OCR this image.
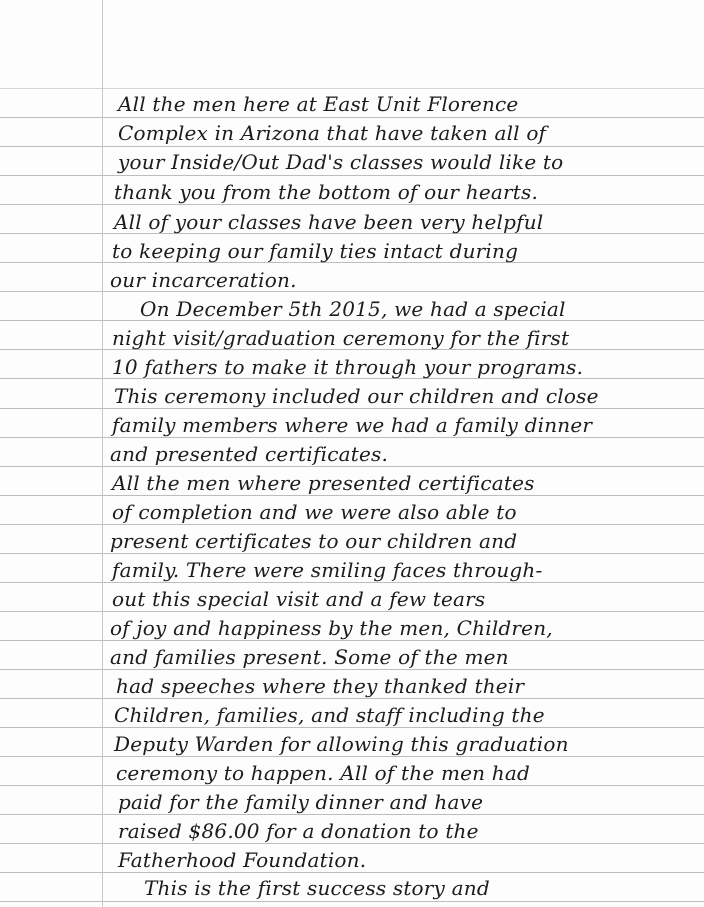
All the men here at East Unit Florence
Complex in Arizona that have taken all of
your Inside/Out Dad's classes would like to
thank you from the bottom of our hearts.
All of your classes have been very helpful
to keeping our family ties intact during
our incarceration.
On December 5th 2015, we had a special
night visit/graduation ceremony for the first
10 fathers to make it through your programs.
This ceremony included our children and close
family members where we had a family dinner
and presented certificates.
All the men where presented certificates
of completion and we were also able to
present certificates to our children and
family. There were smiling faces through-
out this special visit and a few tears
of joy and happiness by the men, Children,
and families present. Some of the men
had speeches where they thanked their
Children, families, and staff including the
Deputy Warden for allowing this graduation
ceremony to happen. All of the men had
paid for the family dinner and have
raised $86.00 for a donation to the
Fatherhood Foundation.
This is the first success story and
